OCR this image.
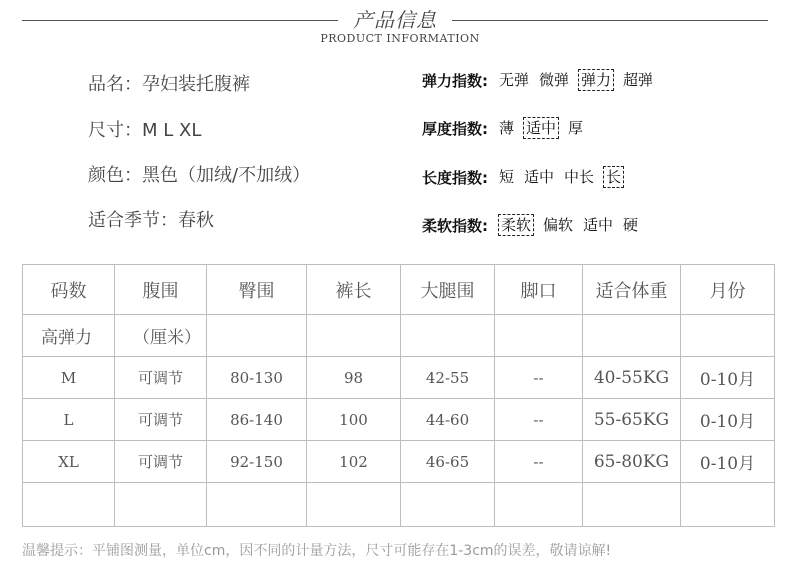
产品信息
PRODUCT INFORMATION
品名：孕妇装托腹裤
尺寸：M L XL
颜色：黑色（加绒/不加绒）
适合季节：春秋
弹力指数: 无弹 微弹 弹力 超弹
厚度指数: 薄 适中 厚
长度指数: 短 适中 中长 长
柔软指数: 柔软 偏软 适中 硬
码数	腹围	臀围	裤长	大腿围	脚口	适合体重	月份
高弹力	（厘米）						
M	可调节	80-130	98	42-55	--	40-55KG	0-10月
L	可调节	86-140	100	44-60	--	55-65KG	0-10月
XL	可调节	92-150	102	46-65	--	65-80KG	0-10月

温馨提示：平铺图测量，单位cm，因不同的计量方法，尺寸可能存在1-3cm的误差，敬请谅解!
